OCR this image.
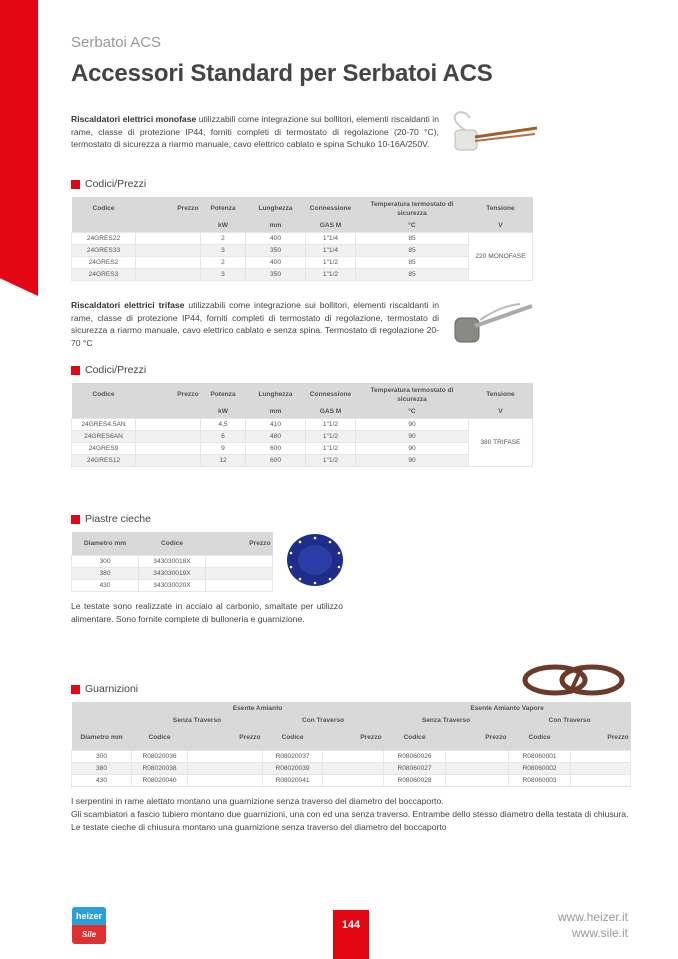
Serbatoi ACS
Accessori Standard per Serbatoi ACS
Riscaldatori elettrici monofase utilizzabili come integrazione sui bollitori, elementi riscaldanti in rame, classe di protezione IP44, forniti completi di termostato di regolazione (20-70 °C), termostato di sicurezza a riarmo manuale, cavo elettrico cablato e spina Schuko 10-16A/250V.
Codici/Prezzi
Codice	Prezzo	Potenza	Lunghezza	Connessione	Temperatura termostato di sicurezza	Tensione
		kW	mm	GAS M	°C	V
24GRES22		2	400	1"1/4	85	220 MONOFASE
24GRES33		3	350	1"1/4	85	
24GRES2		2	400	1"1/2	85	
24GRES3		3	350	1"1/2	85	
Riscaldatori elettrici trifase utilizzabili come integrazione sui bollitori, elementi riscaldanti in rame, classe di protezione IP44, forniti completi di termostato di regolazione, termostato di sicurezza a riarmo manuale, cavo elettrico cablato e senza spina. Termostato di regolazione 20-70 °C
Codici/Prezzi
Codice	Prezzo	Potenza	Lunghezza	Connessione	Temperatura termostato di sicurezza	Tensione
		kW	mm	GAS M	°C	V
24GRES4.5AN		4,5	410	1"1/2	90	380 TRIFASE
24GRES6AN		6	480	1"1/2	90	
24GRES9		9	600	1"1/2	90	
24GRES12		12	600	1"1/2	90	
Piastre cieche
Diametro mm	Codice	Prezzo
300	343030018X	
380	343030019X	
430	343030020X	
Le testate sono realizzate in acciaio al carbonio, smaltate per utilizzo alimentare. Sono fornite complete di bulloneria e guarnizione.
Guarnizioni
	Esente Amianto				Esente Amianto Vapore			
	Senza Traverso		Con Traverso		Senza Traverso		Con Traverso	
Diametro mm	Codice	Prezzo	Codice	Prezzo	Codice	Prezzo	Codice	Prezzo
300	R08020036		R08020037		R08060026		R08060001	
380	R08020038		R08020039		R08060027		R08060002	
430	R08020040		R08020041		R08060028		R08060003	
I serpentini in rame alettato montano una guarnizione senza traverso del diametro del boccaporto.
Gli scambiatori a fascio tubiero montano due guarnizioni, una con ed una senza traverso. Entrambe dello stesso diametro della testata di chiusura. Le testate cieche di chiusura montano una guarnizione senza traverso del diametro del boccaporto
heizer
Sile
144
www.heizer.it
www.sile.it
